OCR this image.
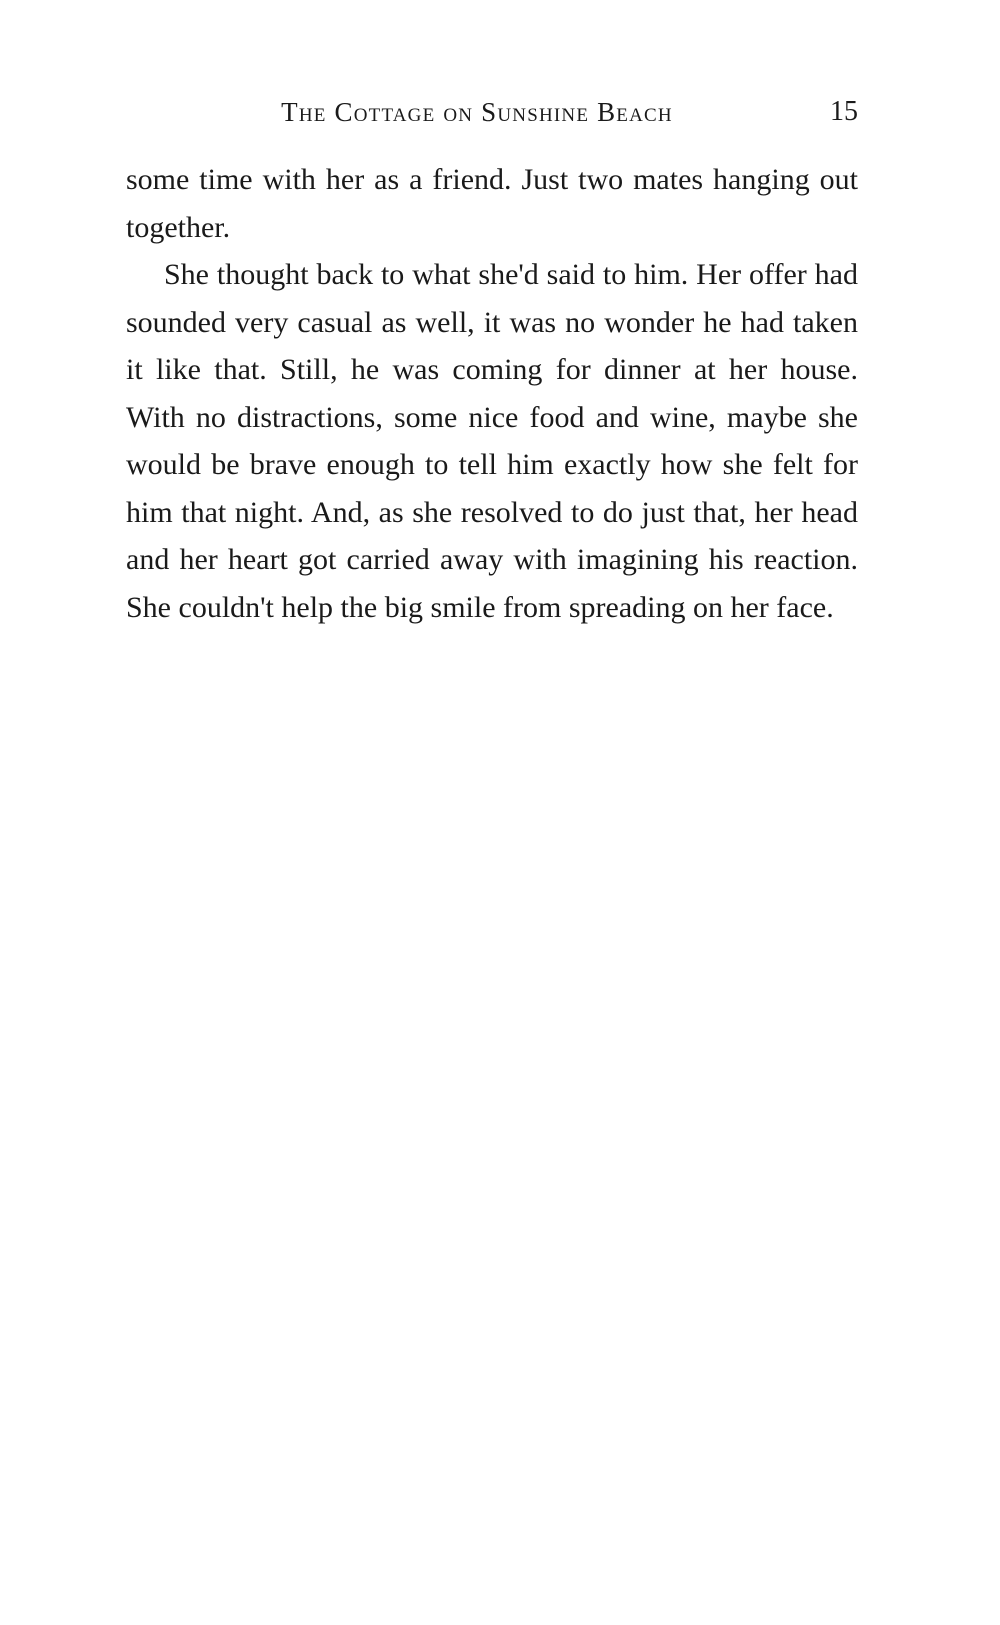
The Cottage on Sunshine Beach	15

some time with her as a friend. Just two mates hanging out together.

She thought back to what she'd said to him. Her offer had sounded very casual as well, it was no wonder he had taken it like that. Still, he was coming for dinner at her house. With no distractions, some nice food and wine, maybe she would be brave enough to tell him exactly how she felt for him that night. And, as she resolved to do just that, her head and her heart got carried away with imagining his reaction. She couldn't help the big smile from spreading on her face.
